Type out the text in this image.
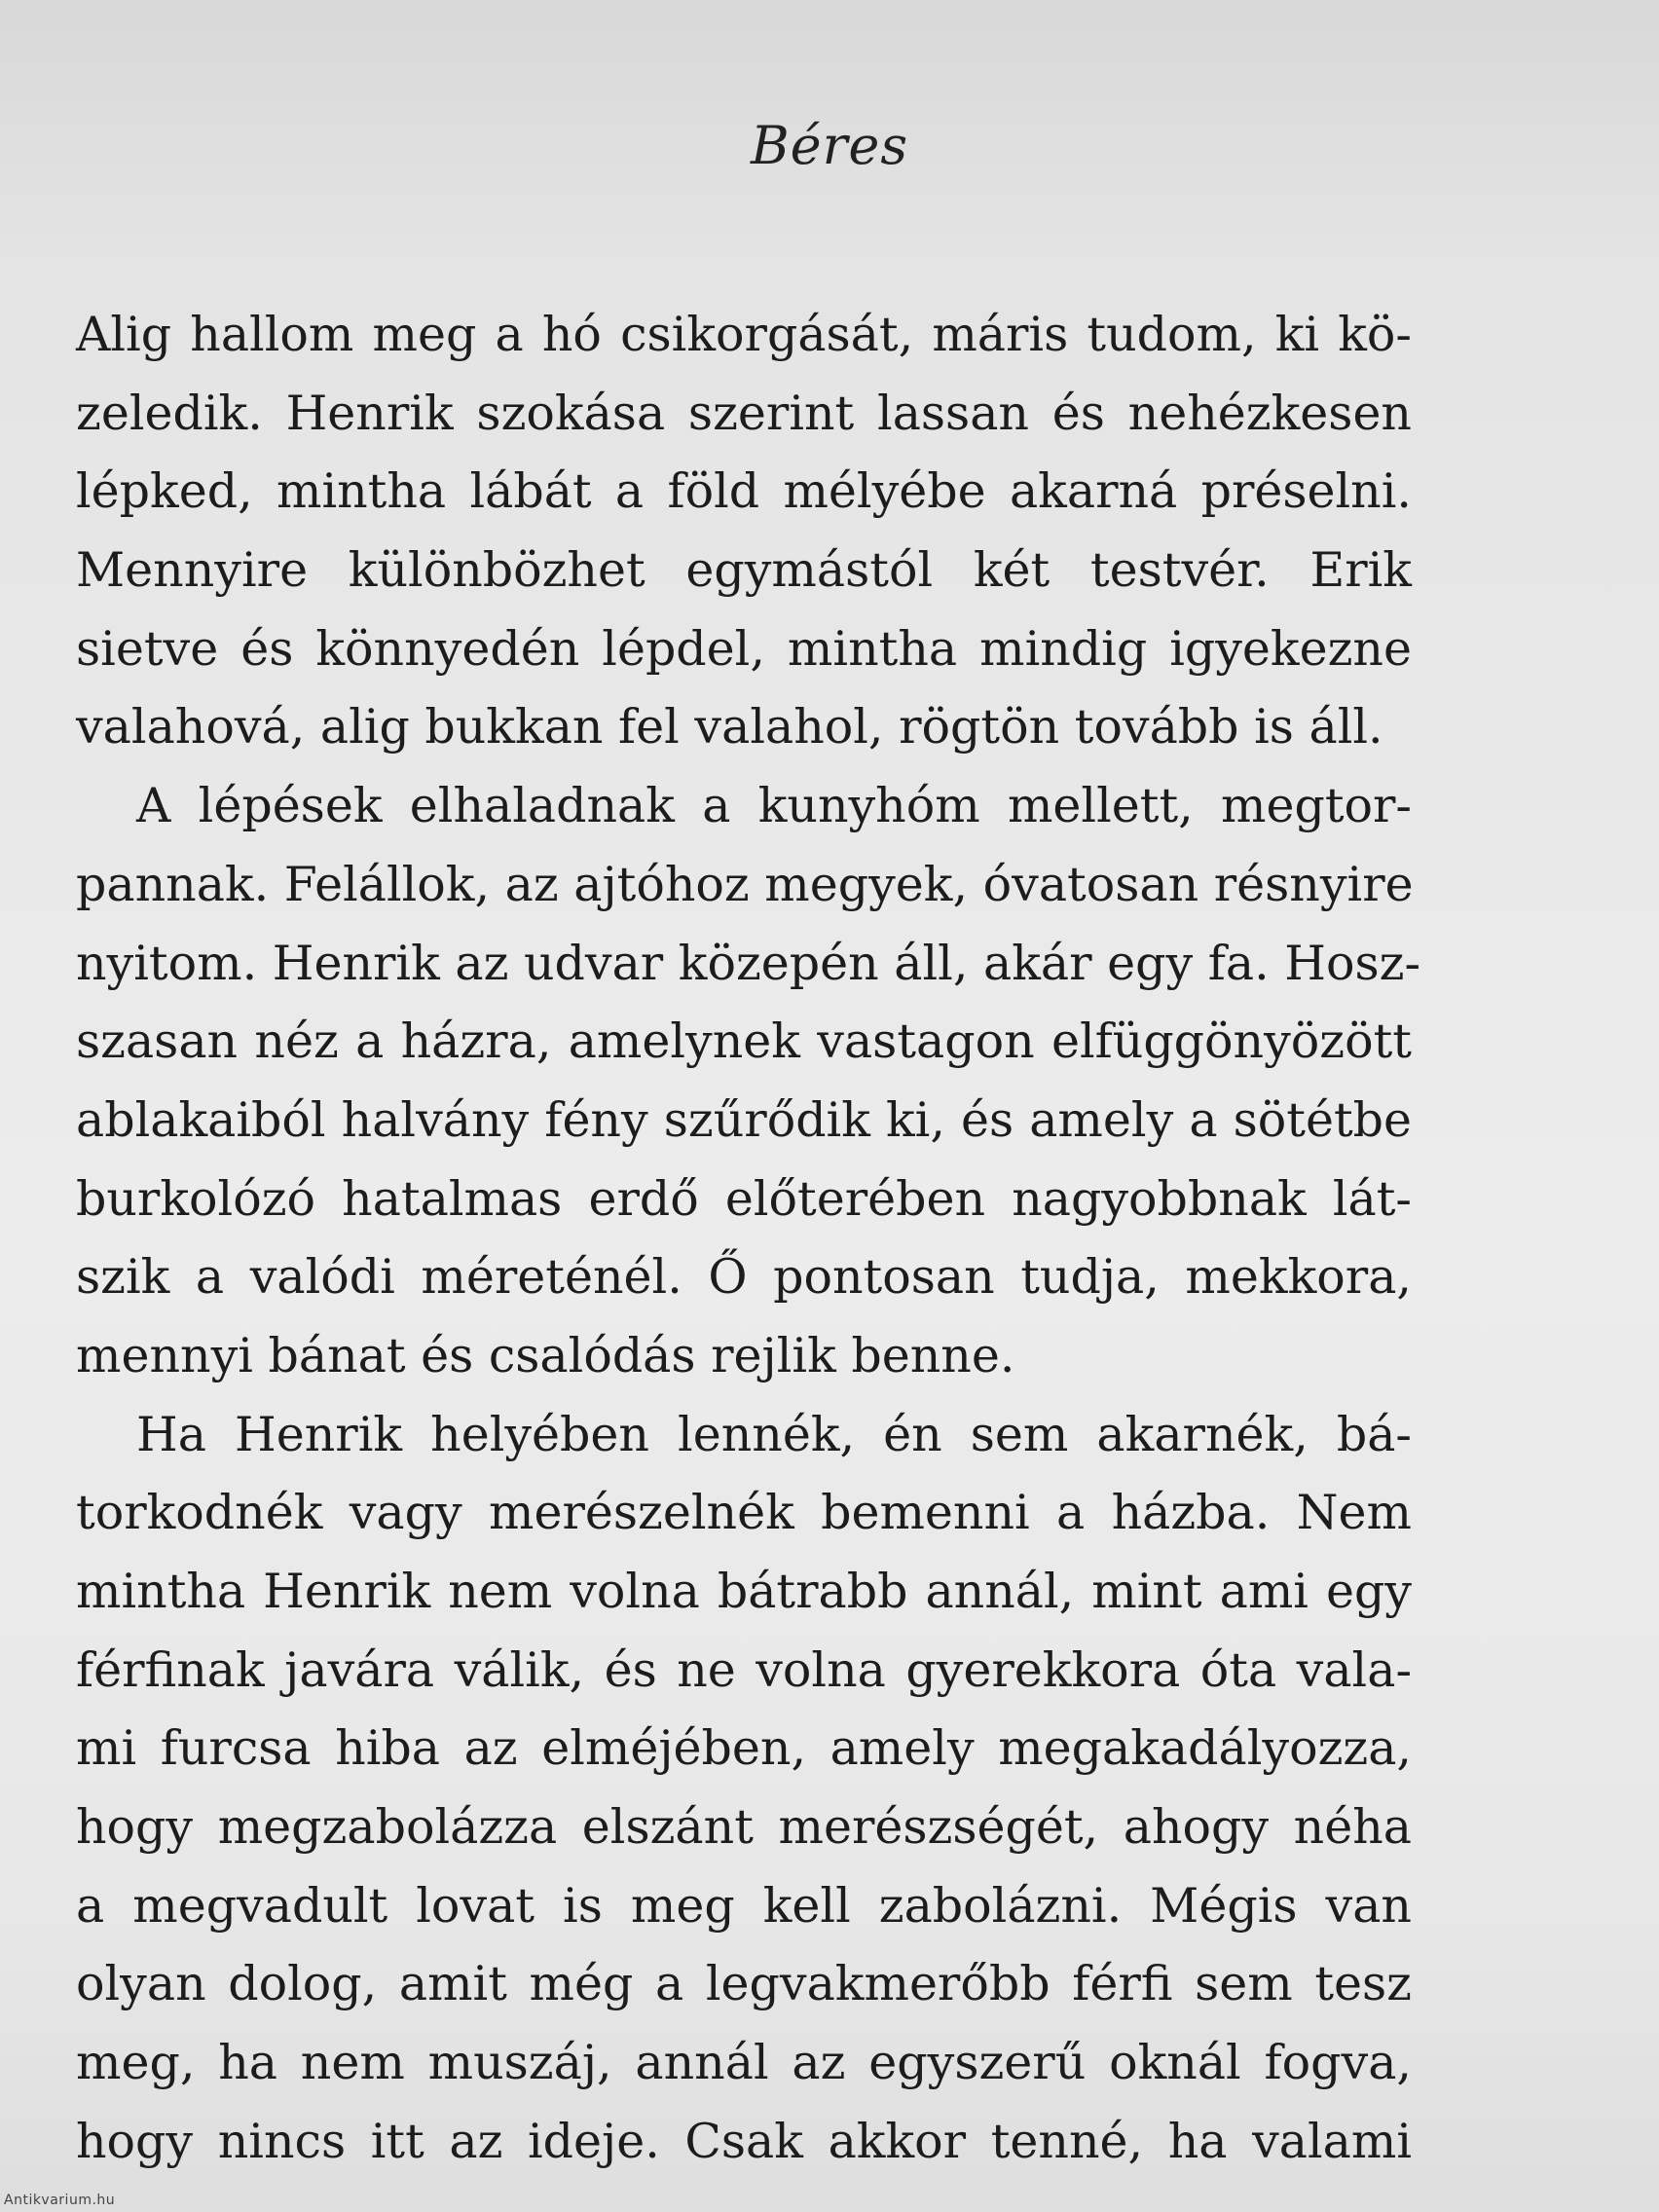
Béres
Alig hallom meg a hó csikorgását, máris tudom, ki kö-
zeledik. Henrik szokása szerint lassan és nehézkesen
lépked, mintha lábát a föld mélyébe akarná préselni.
Mennyire különbözhet egymástól két testvér. Erik
sietve és könnyedén lépdel, mintha mindig igyekezne
valahová, alig bukkan fel valahol, rögtön tovább is áll.
A lépések elhaladnak a kunyhóm mellett, megtor-
pannak. Felállok, az ajtóhoz megyek, óvatosan résnyire
nyitom. Henrik az udvar közepén áll, akár egy fa. Hosz-
szasan néz a házra, amelynek vastagon elfüggönyözött
ablakaiból halvány fény szűrődik ki, és amely a sötétbe
burkolózó hatalmas erdő előterében nagyobbnak lát-
szik a valódi méreténél. Ő pontosan tudja, mekkora,
mennyi bánat és csalódás rejlik benne.
Ha Henrik helyében lennék, én sem akarnék, bá-
torkodnék vagy merészelnék bemenni a házba. Nem
mintha Henrik nem volna bátrabb annál, mint ami egy
férfinak javára válik, és ne volna gyerekkora óta vala-
mi furcsa hiba az elméjében, amely megakadályozza,
hogy megzabolázza elszánt merészségét, ahogy néha
a megvadult lovat is meg kell zabolázni. Mégis van
olyan dolog, amit még a legvakmerőbb férfi sem tesz
meg, ha nem muszáj, annál az egyszerű oknál fogva,
hogy nincs itt az ideje. Csak akkor tenné, ha valami
Antikvarium.hu
